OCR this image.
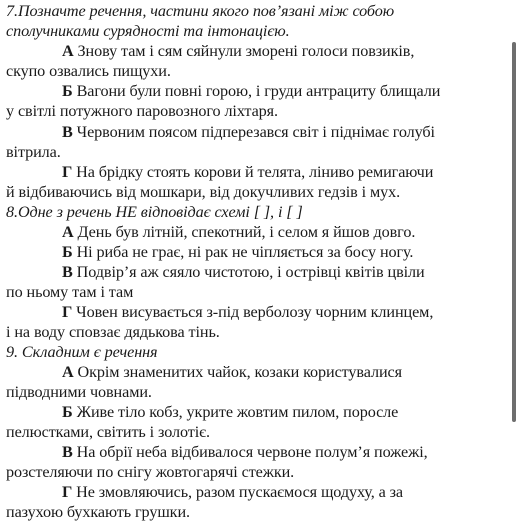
7.Позначте речення, частини якого пов’язані між собою
сполучниками сурядності та інтонацією.
А Знову там і сям сяйнули зморені голоси повзиків,
скупо озвались пищухи.
Б Вагони були повні горою, і груди антрациту блищали
у світлі потужного паровозного ліхтаря.
В Червоним поясом підперезався світ і піднімає голубі
вітрила.
Г На брідку стоять корови й телята, ліниво ремигаючи
й відбиваючись від мошкари, від докучливих гедзів і мух.
8.Одне з речень НЕ відповідає схемі [ ], і [ ]
А День був літній, спекотний, і селом я йшов довго.
Б Ні риба не грає, ні рак не чіпляється за босу ногу.
В Подвір’я аж сяяло чистотою, і острівці квітів цвіли
по ньому там і там
Г Човен висувається з-під верболозу чорним клинцем,
і на воду сповзає дядькова тінь.
9. Складним є речення
А Окрім знаменитих чайок, козаки користувалися
підводними човнами.
Б Живе тіло кобз, укрите жовтим пилом, поросле
пелюстками, світить і золотіє.
В На обрії неба відбивалося червоне полум’я пожежі,
розстеляючи по снігу жовтогарячі стежки.
Г Не змовляючись, разом пускаємося щодуху, а за
пазухою бухкають грушки.
